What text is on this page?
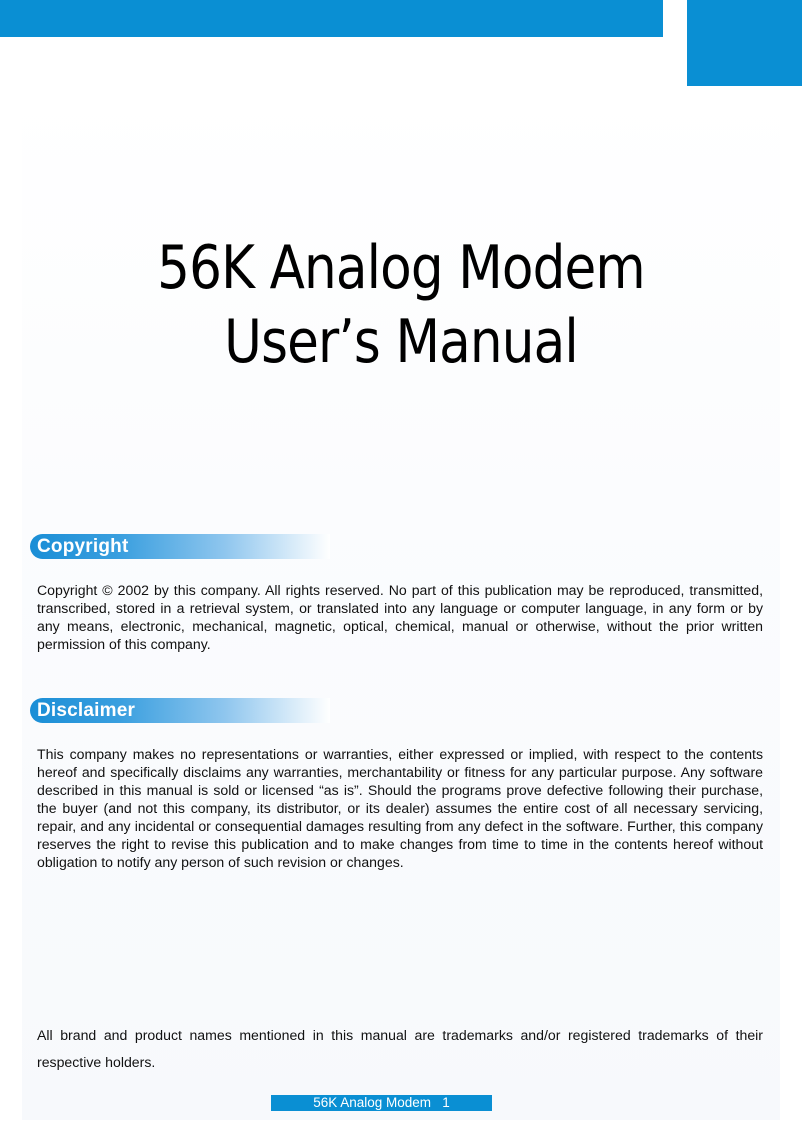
56K Analog Modem
User’s Manual
Copyright

Copyright © 2002 by this company. All rights reserved. No part of this publication may be reproduced, transmitted, transcribed, stored in a retrieval system, or translated into any language or computer language, in any form or by any means, electronic, mechanical, magnetic, optical, chemical, manual or otherwise, without the prior written permission of this company.

Disclaimer

This company makes no representations or warranties, either expressed or implied, with respect to the contents hereof and specifically disclaims any warranties, merchantability or fitness for any particular purpose. Any software described in this manual is sold or licensed “as is”. Should the programs prove defective following their purchase, the buyer (and not this company, its distributor, or its dealer) assumes the entire cost of all necessary servicing, repair, and any incidental or consequential damages resulting from any defect in the software. Further, this company reserves the right to revise this publication and to make changes from time to time in the contents hereof without obligation to notify any person of such revision or changes.

All brand and product names mentioned in this manual are trademarks and/or registered trademarks of their respective holders.

56K Analog Modem   1
